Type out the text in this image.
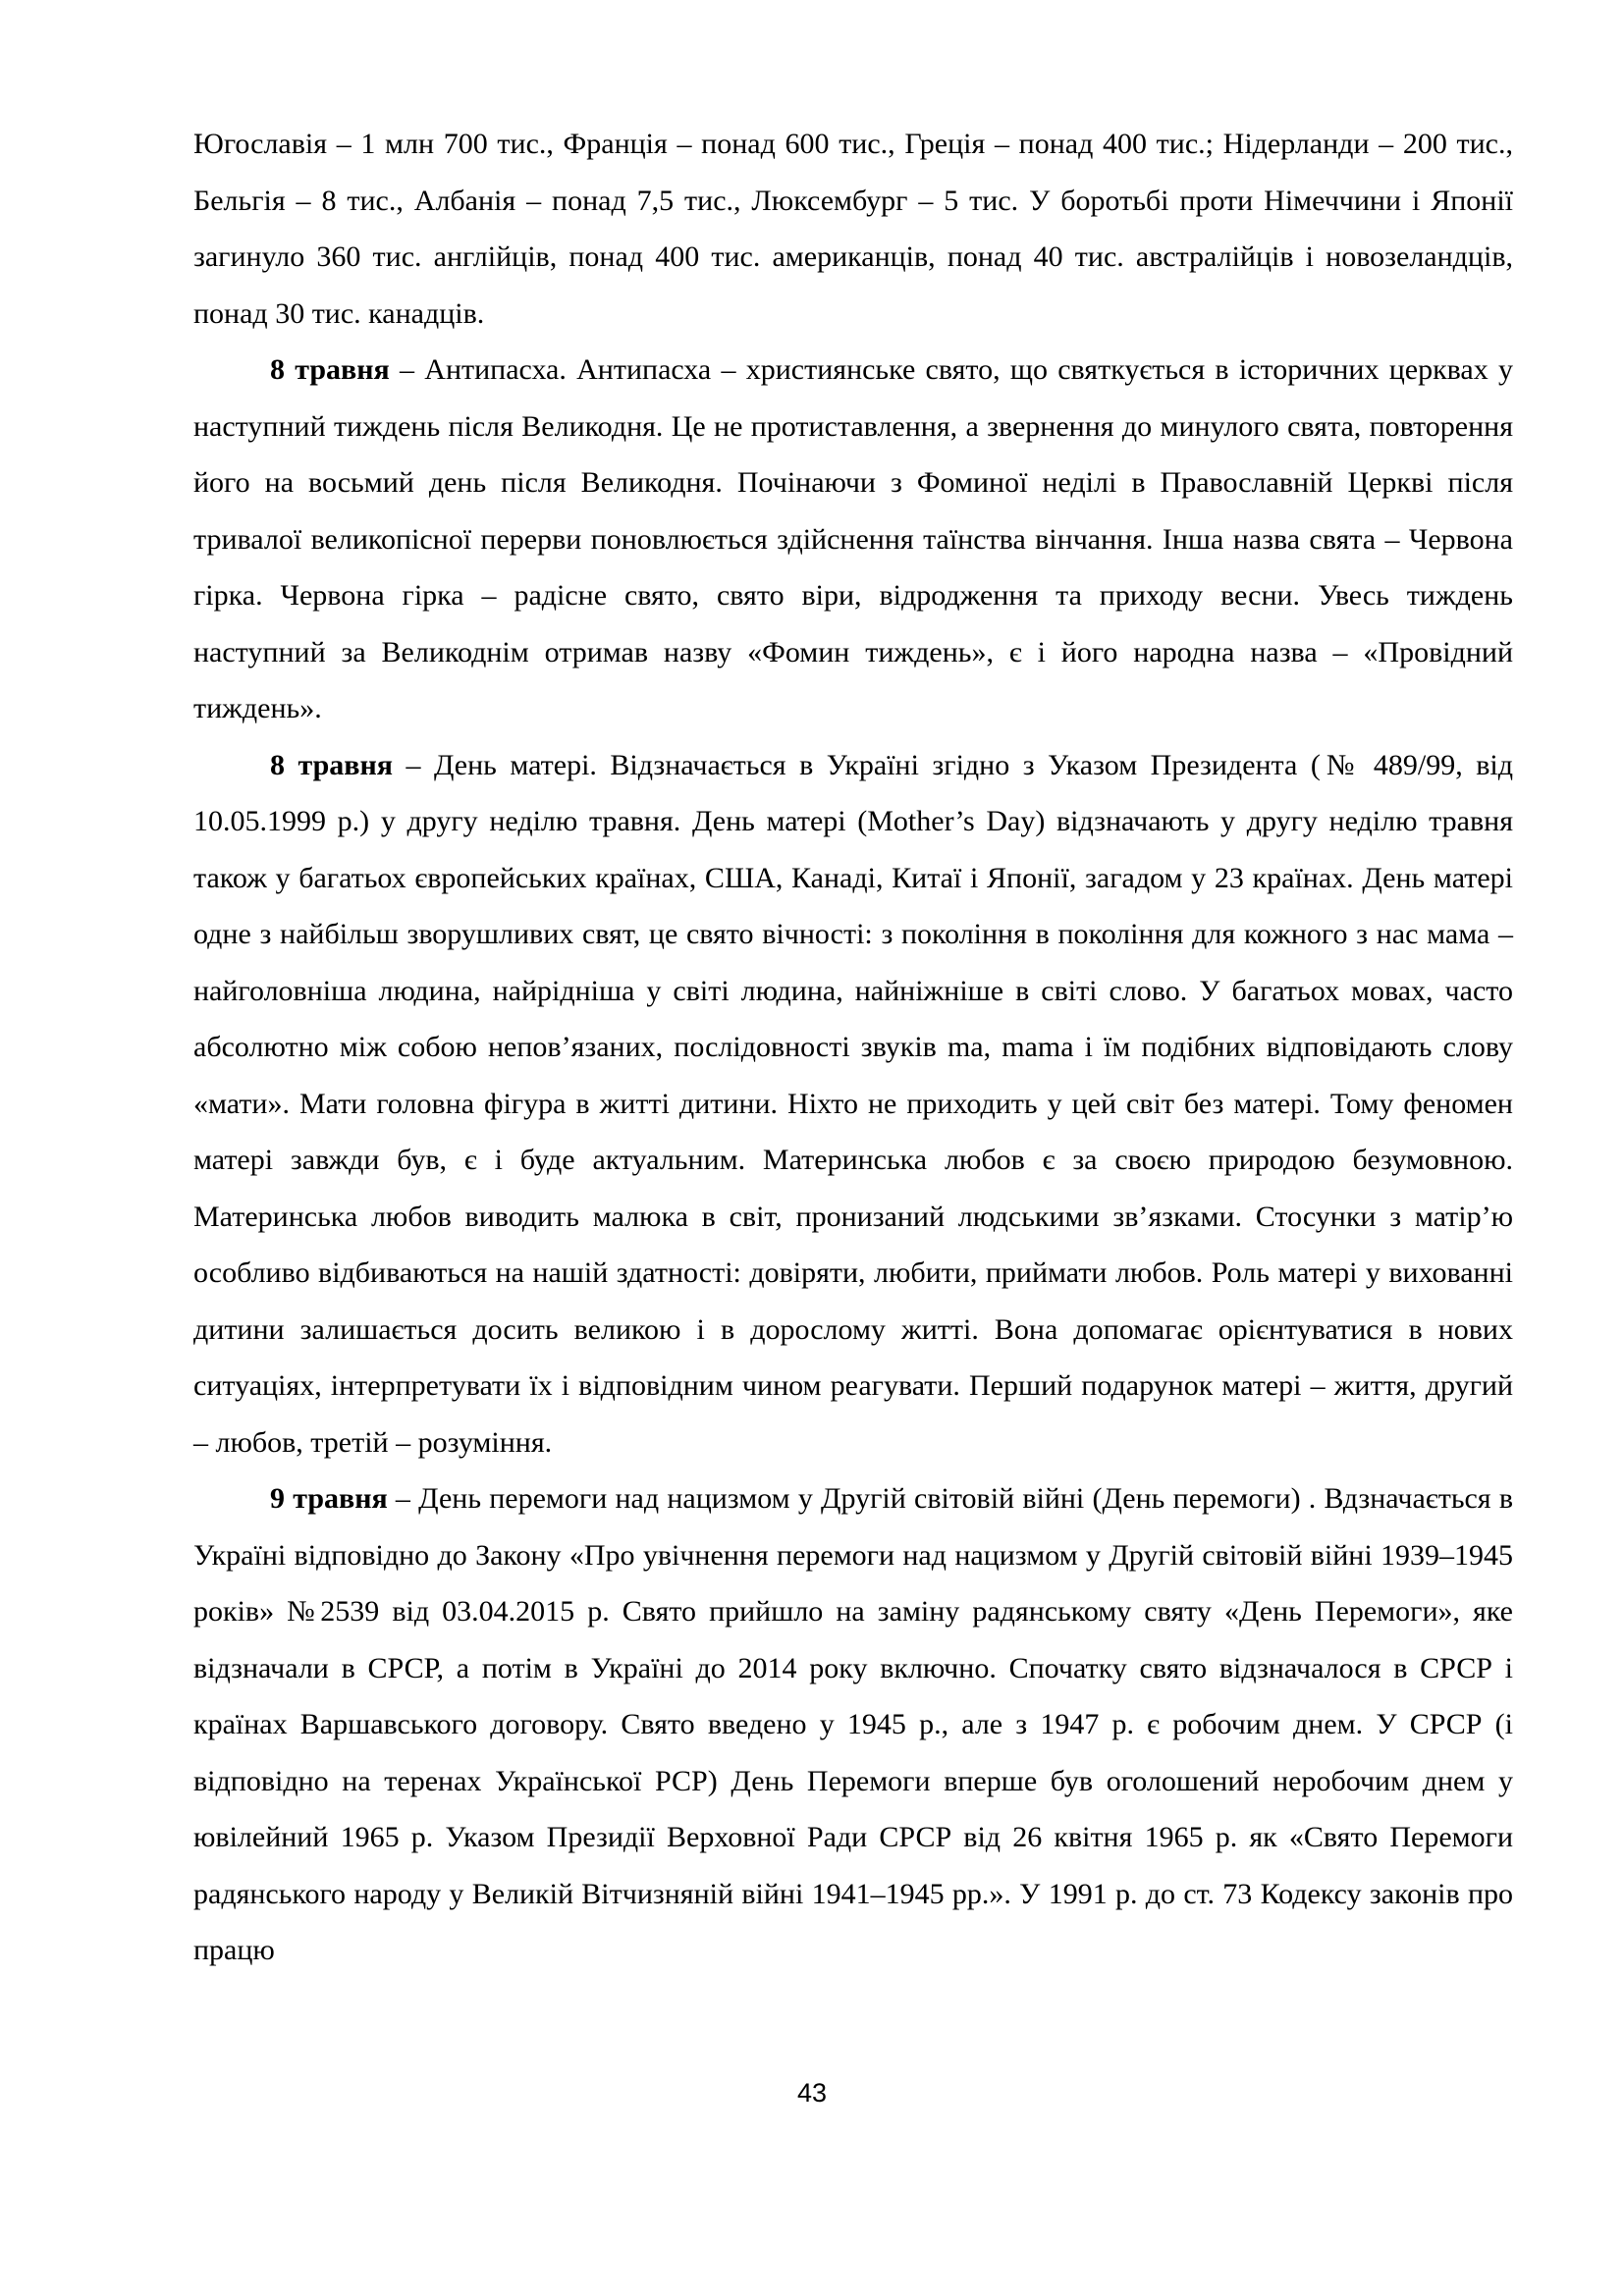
Югославія – 1 млн 700 тис., Франція – понад 600 тис., Греція – понад 400 тис.; Нідерланди – 200 тис., Бельгія – 8 тис., Албанія – понад 7,5 тис., Люксембург – 5 тис. У боротьбі проти Німеччини і Японії загинуло 360 тис. англійців, понад 400 тис. американців, понад 40 тис. австралійців і новозеландців, понад 30 тис. канадців.

8 травня – Антипасха. Антипасха – християнське свято, що святкується в історичних церквах у наступний тиждень після Великодня. Це не протиставлення, а звернення до минулого свята, повторення його на восьмий день після Великодня. Почінаючи з Фоминої неділі в Православній Церкві після тривалої великопісної перерви поновлюється здійснення таїнства вінчання. Інша назва свята – Червона гірка. Червона гірка – радісне свято, свято віри, відродження та приходу весни. Увесь тиждень наступний за Великоднім отримав назву «Фомин тиждень», є і його народна назва – «Провідний тиждень».

8 травня – День матері. Відзначається в Україні згідно з Указом Президента (№ 489/99, від 10.05.1999 р.) у другу неділю травня. День матері (Mother’s Day) відзначають у другу неділю травня також у багатьох європейських країнах, США, Канаді, Китаї і Японії, загадом у 23 країнах. День матері одне з найбільш зворушливих свят, це свято вічності: з покоління в покоління для кожного з нас мама – найголовніша людина, найрідніша у світі людина, найніжніше в світі слово. У багатьох мовах, часто абсолютно між собою непов’язаних, послідовності звуків ma, mama і їм подібних відповідають слову «мати». Мати головна фігура в житті дитини. Ніхто не приходить у цей світ без матері. Тому феномен матері завжди був, є і буде актуальним. Материнська любов є за своєю природою безумовною. Материнська любов виводить малюка в світ, пронизаний людськими зв’язками. Стосунки з матір’ю особливо відбиваються на нашій здатності: довіряти, любити, приймати любов. Роль матері у вихованні дитини залишається досить великою і в дорослому житті. Вона допомагає орієнтуватися в нових ситуаціях, інтерпретувати їх і відповідним чином реагувати. Перший подарунок матері – життя, другий – любов, третій – розуміння.

9 травня – День перемоги над нацизмом у Другій світовій війні (День перемоги) . Вдзначається в Україні відповідно до Закону «Про увічнення перемоги над нацизмом у Другій світовій війні 1939–1945 років» №2539 від 03.04.2015 р. Свято прийшло на заміну радянському святу «День Перемоги», яке відзначали в СРСР, а потім в Україні до 2014 року включно. Спочатку свято відзначалося в СРСР і країнах Варшавського договору. Свято введено у 1945 р., але з 1947 р. є робочим днем. У СРСР (і відповідно на теренах Української РСР) День Перемоги вперше був оголошений неробочим днем у ювілейний 1965 р. Указом Президії Верховної Ради СРСР від 26 квітня 1965 р. як «Свято Перемоги радянського народу у Великій Вітчизняній війні 1941–1945 рр.». У 1991 р. до ст. 73 Кодексу законів про працю

43
